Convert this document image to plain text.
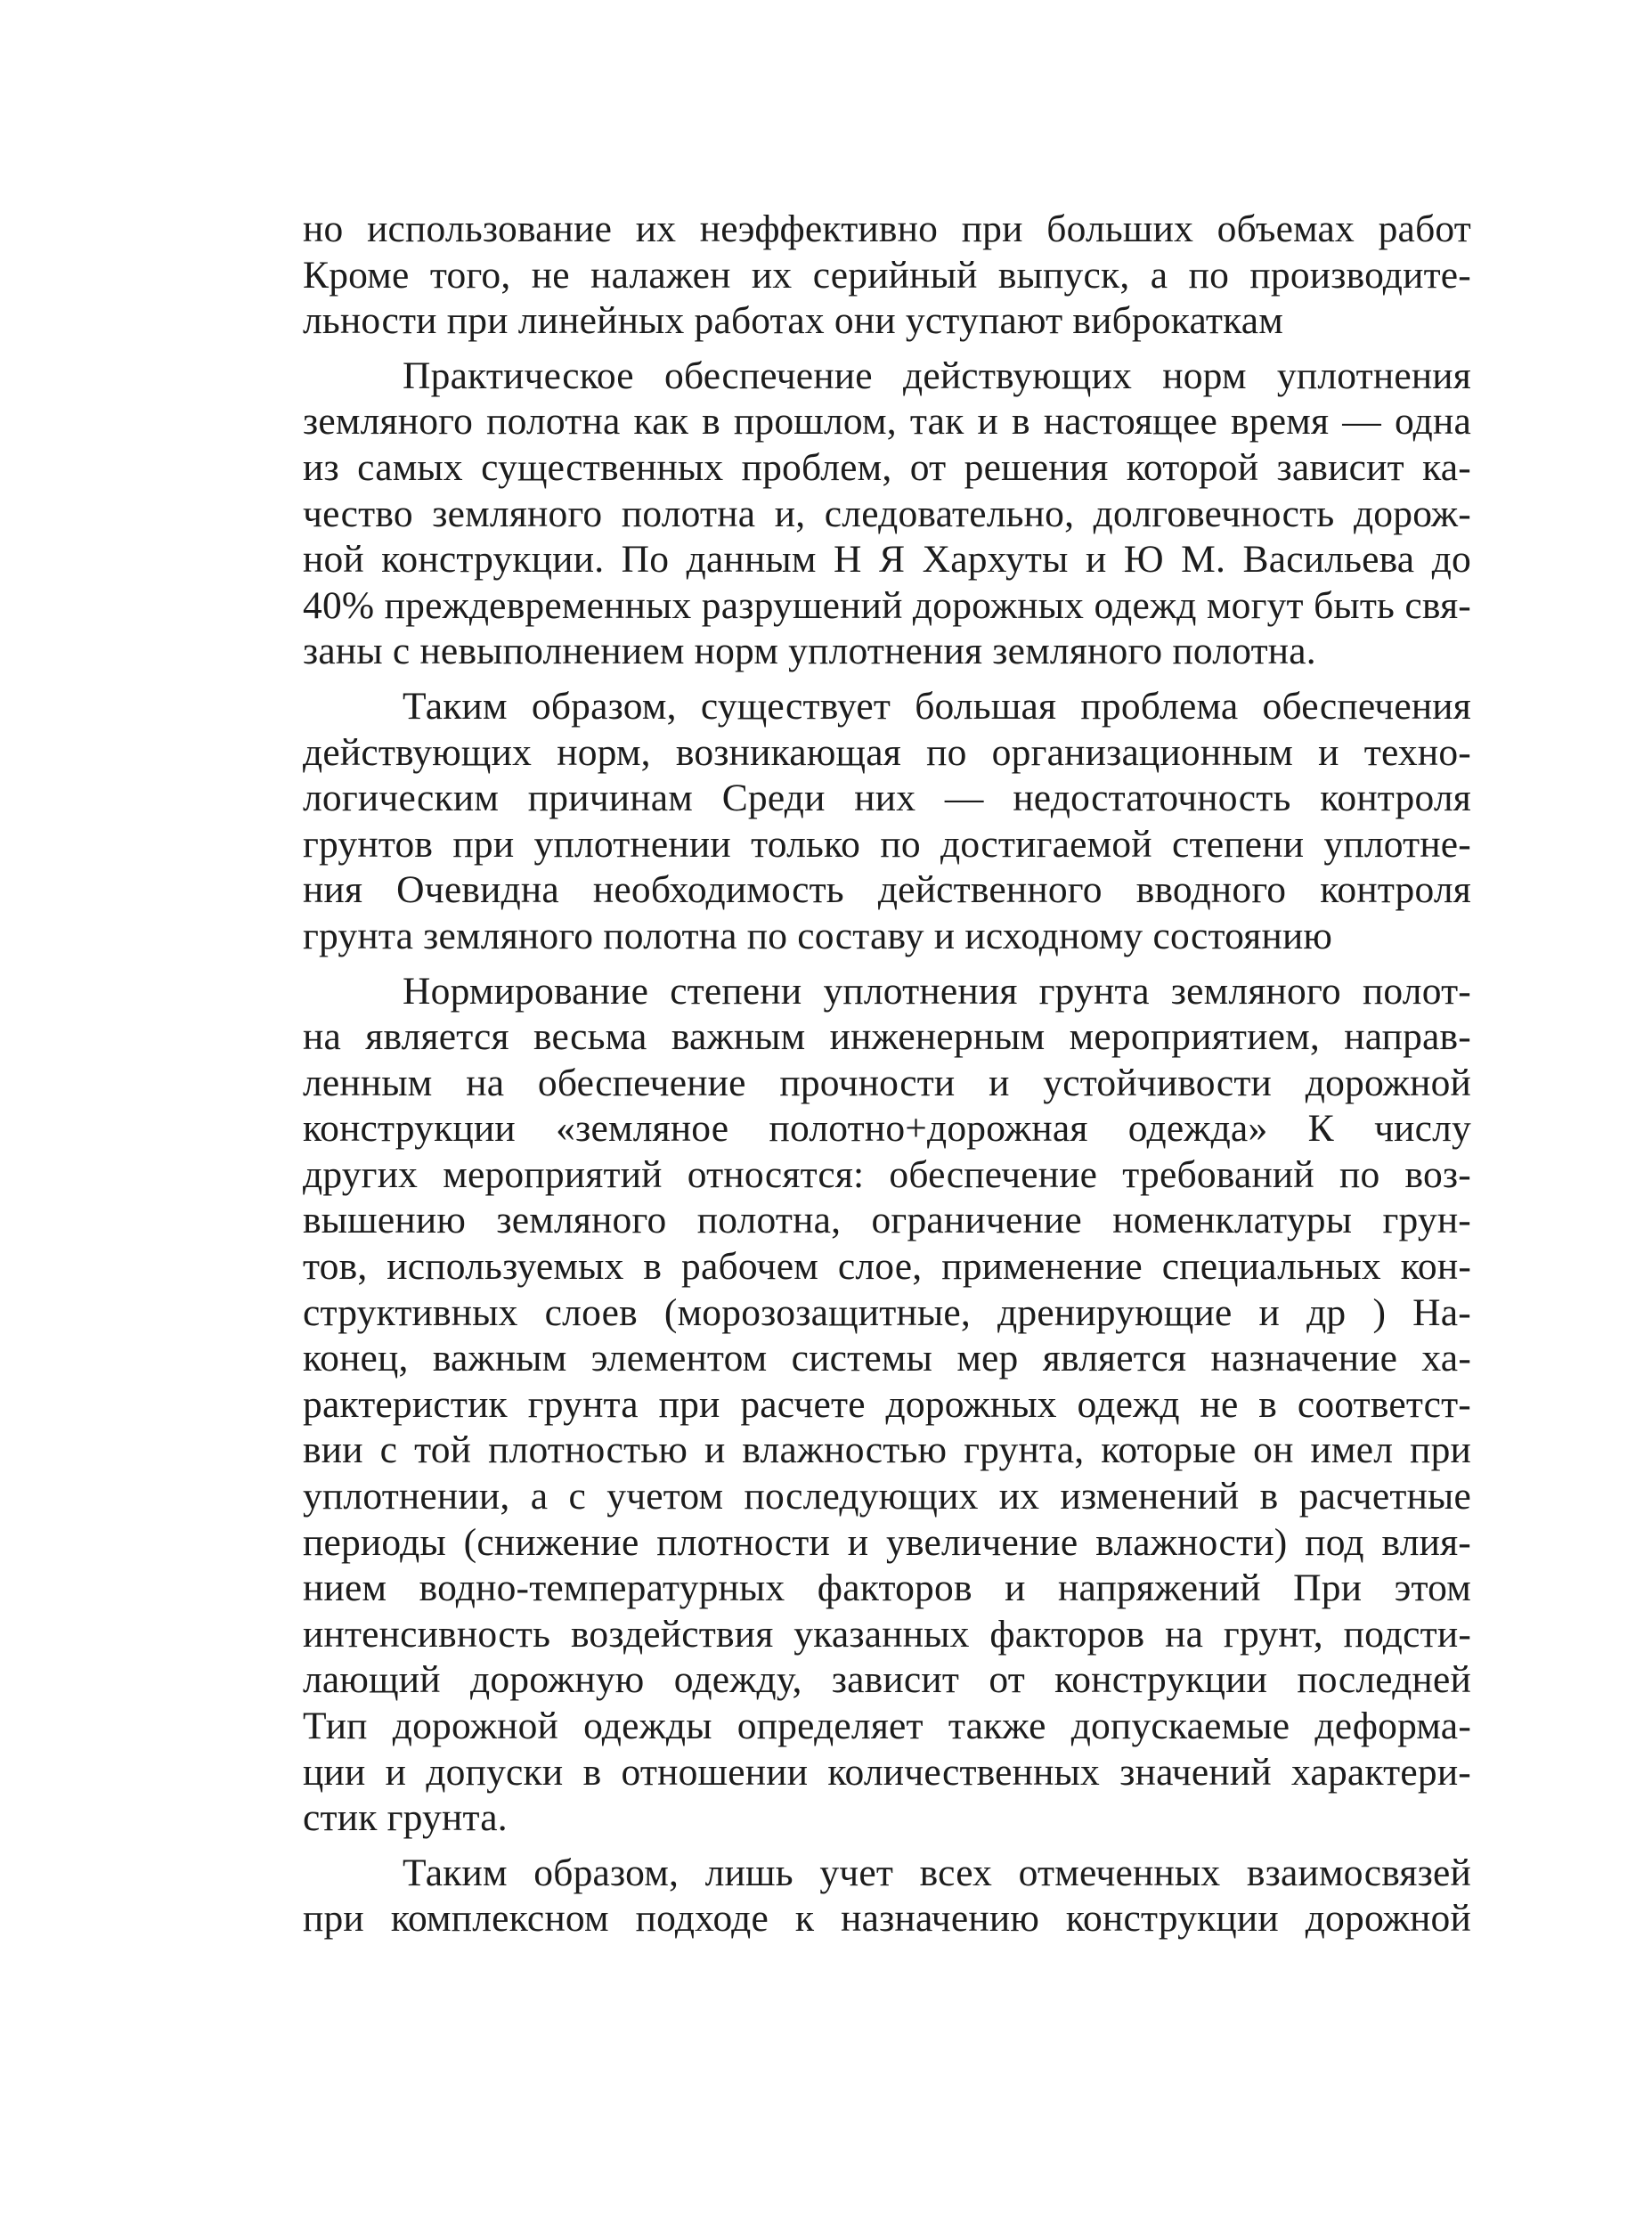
но использование их неэффективно при больших объемах работ
Кроме того, не налажен их серийный выпуск, а по производите-
льности при линейных работах они уступают виброкаткам
Практическое обеспечение действующих норм уплотнения
земляного полотна как в прошлом, так и в настоящее время — одна
из самых существенных проблем, от решения которой зависит ка-
чество земляного полотна и, следовательно, долговечность дорож-
ной конструкции. По данным Н Я Хархуты и Ю М. Васильева до
40% преждевременных разрушений дорожных одежд могут быть свя-
заны с невыполнением норм уплотнения земляного полотна.
Таким образом, существует большая проблема обеспечения
действующих норм, возникающая по организационным и техно-
логическим причинам Среди них — недостаточность контроля
грунтов при уплотнении только по достигаемой степени уплотне-
ния Очевидна необходимость действенного вводного контроля
грунта земляного полотна по составу и исходному состоянию
Нормирование степени уплотнения грунта земляного полот-
на является весьма важным инженерным мероприятием, направ-
ленным на обеспечение прочности и устойчивости дорожной
конструкции «земляное полотно+дорожная одежда» К числу
других мероприятий относятся: обеспечение требований по воз-
вышению земляного полотна, ограничение номенклатуры грун-
тов, используемых в рабочем слое, применение специальных кон-
структивных слоев (морозозащитные, дренирующие и др ) На-
конец, важным элементом системы мер является назначение ха-
рактеристик грунта при расчете дорожных одежд не в соответст-
вии с той плотностью и влажностью грунта, которые он имел при
уплотнении, а с учетом последующих их изменений в расчетные
периоды (снижение плотности и увеличение влажности) под влия-
нием водно-температурных факторов и напряжений При этом
интенсивность воздействия указанных факторов на грунт, подсти-
лающий дорожную одежду, зависит от конструкции последней
Тип дорожной одежды определяет также допускаемые деформа-
ции и допуски в отношении количественных значений характери-
стик грунта.
Таким образом, лишь учет всех отмеченных взаимосвязей
при комплексном подходе к назначению конструкции дорожной
